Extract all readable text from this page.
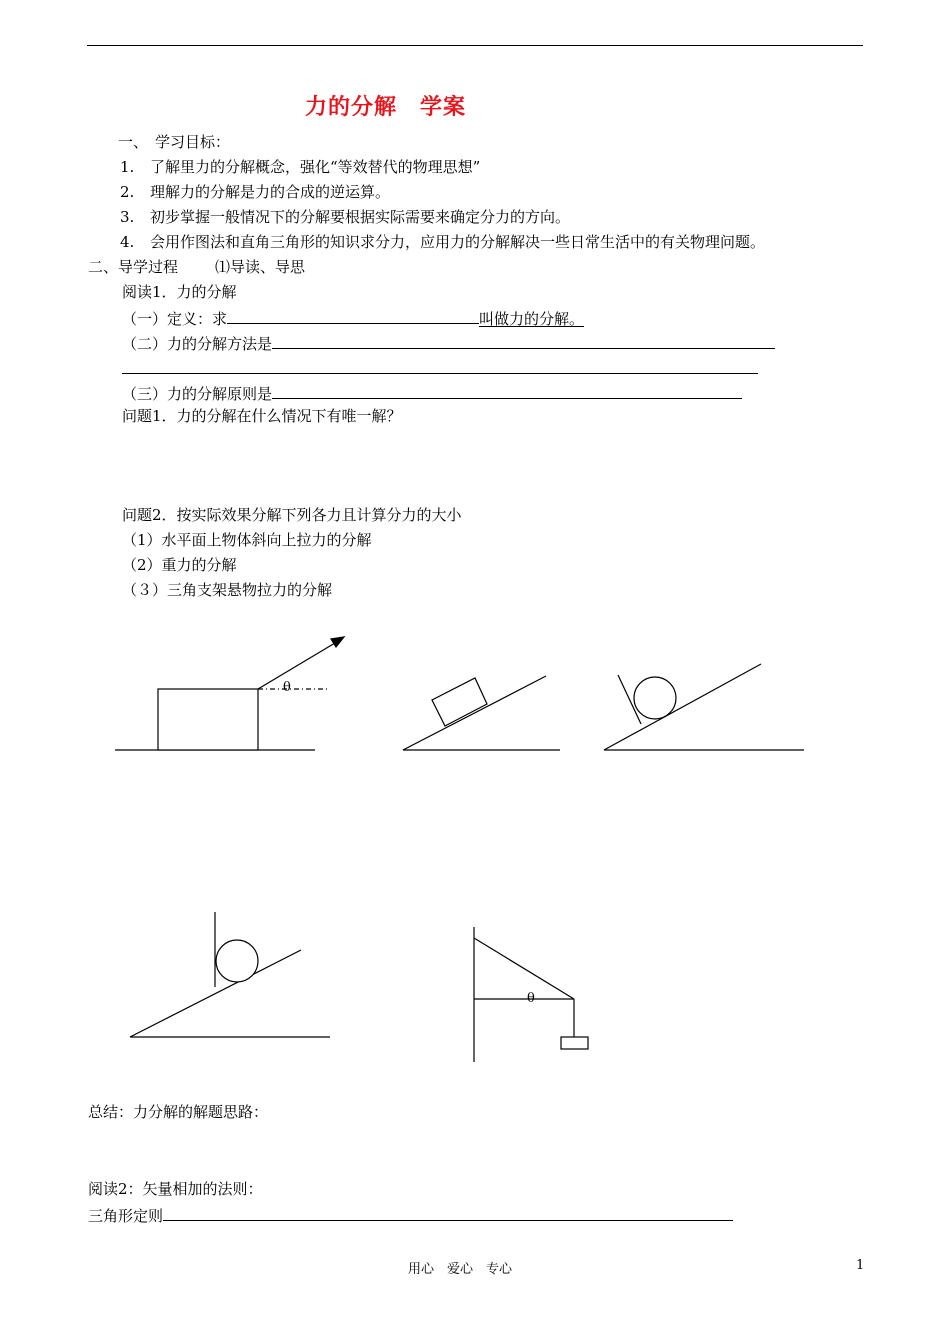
力的分解　学案
一、 学习目标：
1. 了解里力的分解概念，强化“等效替代的物理思想”
2. 理解力的分解是力的合成的逆运算。
3. 初步掌握一般情况下的分解要根据实际需要来确定分力的方向。
4. 会用作图法和直角三角形的知识求分力，应用力的分解解决一些日常生活中的有关物理问题。
二、导学过程 ⑴导读、导思
阅读1．力的分解
（一）定义：求	叫做力的分解。
（二）力的分解方法是
（三）力的分解原则是
问题1．力的分解在什么情况下有唯一解？
问题2．按实际效果分解下列各力且计算分力的大小
（1）水平面上物体斜向上拉力的分解
（2）重力的分解
（３）三角支架悬物拉力的分解
θ
θ
总结：力分解的解题思路：
阅读2：矢量相加的法则：
三角形定则
用心　爱心　专心	1
